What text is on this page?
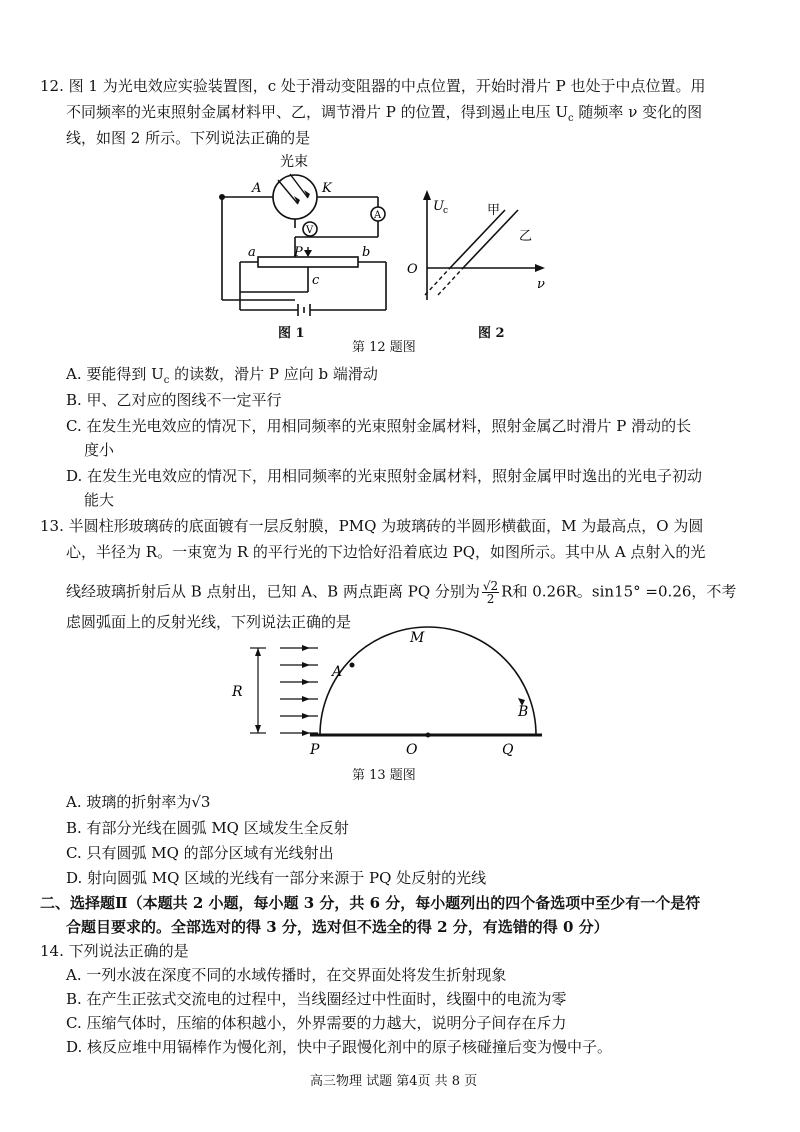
12. 图 1 为光电效应实验装置图，c 处于滑动变阻器的中点位置，开始时滑片 P 也处于中点位置。用
不同频率的光束照射金属材料甲、乙，调节滑片 P 的位置，得到遏止电压 $U_c$ 随频率 ν 变化的图
线，如图 2 所示。下列说法正确的是
光束
A	K
A
V
a	P	b
c
U c
O
ν
甲
乙
图 1	图 2
第 12 题图
A. 要能得到 $U_c$ 的读数，滑片 P 应向 b 端滑动
B. 甲、乙对应的图线不一定平行
C. 在发生光电效应的情况下，用相同频率的光束照射金属材料，照射金属乙时滑片 P 滑动的长
度小
D. 在发生光电效应的情况下，用相同频率的光束照射金属材料，照射金属甲时逸出的光电子初动
能大
13. 半圆柱形玻璃砖的底面镀有一层反射膜，PMQ 为玻璃砖的半圆形横截面，M 为最高点，O 为圆
心，半径为 R。一束宽为 R 的平行光的下边恰好沿着底边 PQ，如图所示。其中从 A 点射入的光
线经玻璃折射后从 B 点射出，已知 A、B 两点距离 PQ 分别为 $\frac{√2}{2}$ R和 0.26R。sin15° =0.26，不考
虑圆弧面上的反射光线，下列说法正确的是
M
A
B
R
P	O	Q
第 13 题图
A. 玻璃的折射率为√3
B. 有部分光线在圆弧 MQ 区域发生全反射
C. 只有圆弧 MQ 的部分区域有光线射出
D. 射向圆弧 MQ 区域的光线有一部分来源于 PQ 处反射的光线
二、选择题Ⅱ（本题共 2 小题，每小题 3 分，共 6 分，每小题列出的四个备选项中至少有一个是符
合题目要求的。全部选对的得 3 分，选对但不选全的得 2 分，有选错的得 0 分）
14. 下列说法正确的是
A. 一列水波在深度不同的水域传播时，在交界面处将发生折射现象
B. 在产生正弦式交流电的过程中，当线圈经过中性面时，线圈中的电流为零
C. 压缩气体时，压缩的体积越小，外界需要的力越大，说明分子间存在斥力
D. 核反应堆中用镉棒作为慢化剂，快中子跟慢化剂中的原子核碰撞后变为慢中子。
高三物理 试题 第4页 共 8 页
